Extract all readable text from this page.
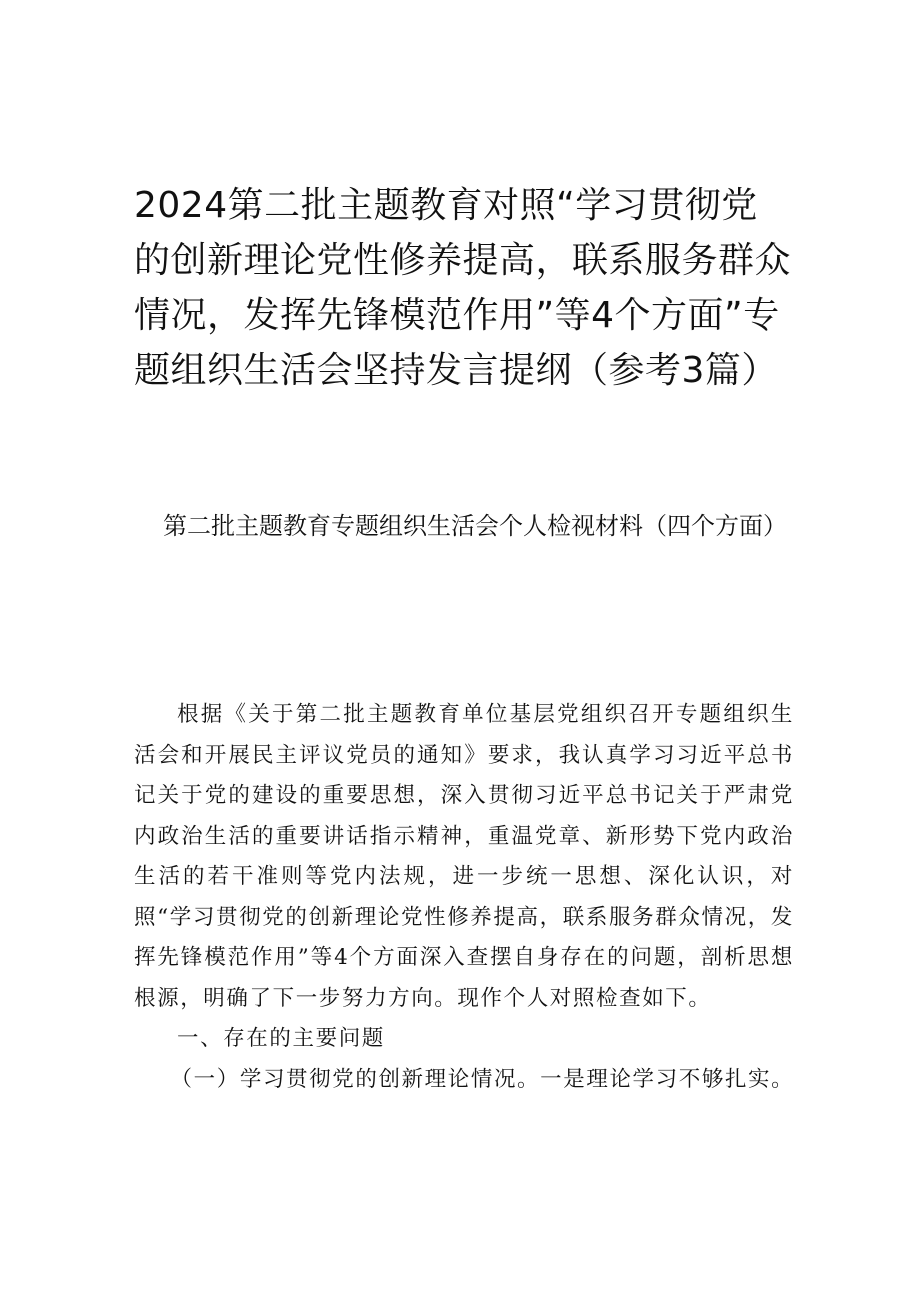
2024第二批主题教育对照“学习贯彻党的创新理论党性修养提高，联系服务群众情况，发挥先锋模范作用”等4个方面”专题组织生活会坚持发言提纲（参考3篇）
第二批主题教育专题组织生活会个人检视材料（四个方面）

根据《关于第二批主题教育单位基层党组织召开专题组织生活会和开展民主评议党员的通知》要求，我认真学习习近平总书记关于党的建设的重要思想，深入贯彻习近平总书记关于严肃党内政治生活的重要讲话指示精神，重温党章、新形势下党内政治生活的若干准则等党内法规，进一步统一思想、深化认识，对照“学习贯彻党的创新理论党性修养提高，联系服务群众情况，发挥先锋模范作用”等4个方面深入查摆自身存在的问题，剖析思想根源，明确了下一步努力方向。现作个人对照检查如下。

一、存在的主要问题

（一）学习贯彻党的创新理论情况。一是理论学习不够扎实。
